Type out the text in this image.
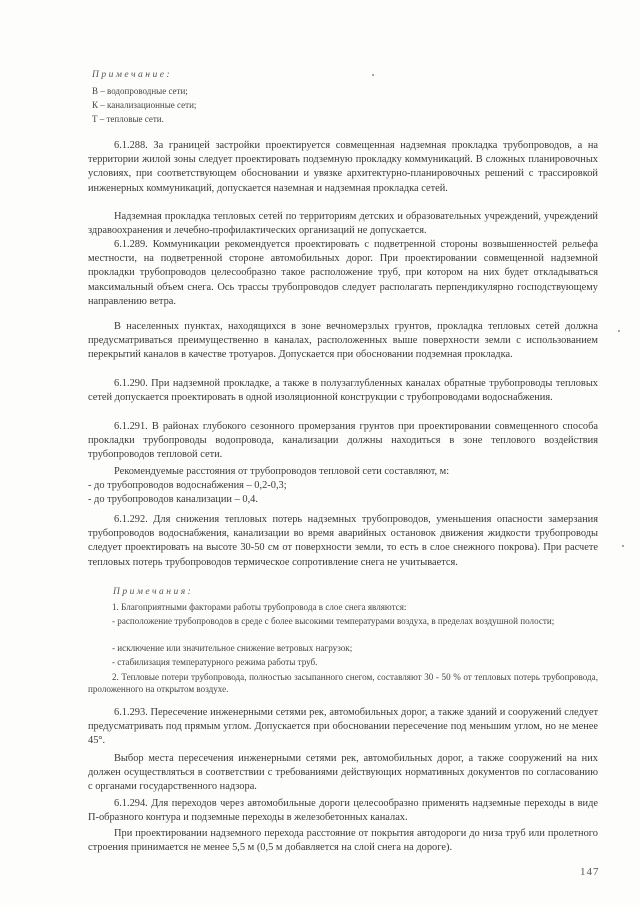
Примечание:
В – водопроводные сети;
К – канализационные сети;
Т – тепловые сети.
6.1.288. За границей застройки проектируется совмещенная надземная прокладка трубопроводов, а на территории жилой зоны следует проектировать подземную прокладку коммуникаций. В сложных планировочных условиях, при соответствующем обосновании и увязке архитектурно-планировочных решений с трассировкой инженерных коммуникаций, допускается наземная и надземная прокладка сетей.
Надземная прокладка тепловых сетей по территориям детских и образовательных учреждений, учреждений здравоохранения и лечебно-профилактических организаций не допускается.
6.1.289. Коммуникации рекомендуется проектировать с подветренной стороны возвышенностей рельефа местности, на подветренной стороне автомобильных дорог. При проектировании совмещенной надземной прокладки трубопроводов целесообразно такое расположение труб, при котором на них будет откладываться максимальный объем снега. Ось трассы трубопроводов следует располагать перпендикулярно господствующему направлению ветра.
В населенных пунктах, находящихся в зоне вечномерзлых грунтов, прокладка тепловых сетей должна предусматриваться преимущественно в каналах, расположенных выше поверхности земли с использованием перекрытий каналов в качестве тротуаров. Допускается при обосновании подземная прокладка.
6.1.290. При надземной прокладке, а также в полузаглубленных каналах обратные трубопроводы тепловых сетей допускается проектировать в одной изоляционной конструкции с трубопроводами водоснабжения.
6.1.291. В районах глубокого сезонного промерзания грунтов при проектировании совмещенного способа прокладки трубопроводы водопровода, канализации должны находиться в зоне теплового воздействия трубопроводов тепловой сети.
Рекомендуемые расстояния от трубопроводов тепловой сети составляют, м:
- до трубопроводов водоснабжения – 0,2-0,3;
- до трубопроводов канализации – 0,4.
6.1.292. Для снижения тепловых потерь надземных трубопроводов, уменьшения опасности замерзания трубопроводов водоснабжения, канализации во время аварийных остановок движения жидкости трубопроводы следует проектировать на высоте 30-50 см от поверхности земли, то есть в слое снежного покрова). При расчете тепловых потерь трубопроводов термическое сопротивление снега не учитывается.
Примечания:
1. Благоприятными факторами работы трубопровода в слое снега являются:
- расположение трубопроводов в среде с более высокими температурами воздуха, в пределах воздушной полости;
- исключение или значительное снижение ветровых нагрузок;
- стабилизация температурного режима работы труб.
2. Тепловые потери трубопровода, полностью засыпанного снегом, составляют 30 - 50 % от тепловых потерь трубопровода, проложенного на открытом воздухе.
6.1.293. Пересечение инженерными сетями рек, автомобильных дорог, а также зданий и сооружений следует предусматривать под прямым углом. Допускается при обосновании пересечение под меньшим углом, но не менее 45°.
Выбор места пересечения инженерными сетями рек, автомобильных дорог, а также сооружений на них должен осуществляться в соответствии с требованиями действующих нормативных документов по согласованию с органами государственного надзора.
6.1.294. Для переходов через автомобильные дороги целесообразно применять надземные переходы в виде П-образного контура и подземные переходы в железобетонных каналах.
При проектировании надземного перехода расстояние от покрытия автодороги до низа труб или пролетного строения принимается не менее 5,5 м (0,5 м добавляется на слой снега на дороге).
147
